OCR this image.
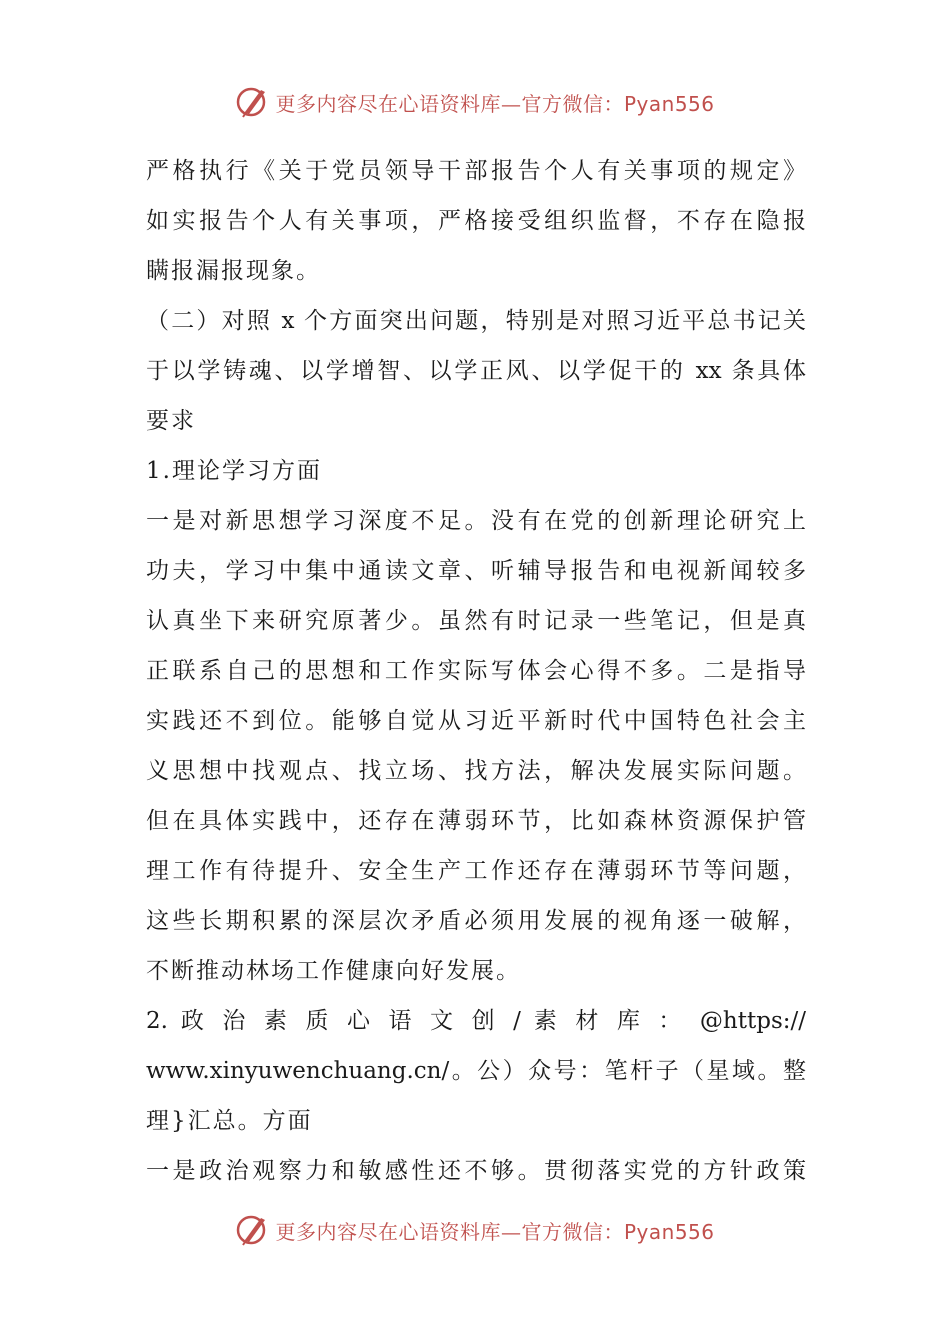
更多内容尽在心语资料库—官方微信：Pyan556
严格执行《关于党员领导干部报告个人有关事项的规定》
如实报告个人有关事项，严格接受组织监督，不存在隐报
瞒报漏报现象。
（二）对照 x 个方面突出问题，特别是对照习近平总书记关
于以学铸魂、以学增智、以学正风、以学促干的 xx 条具体
要求
1.理论学习方面
一是对新思想学习深度不足。没有在党的创新理论研究上
功夫，学习中集中通读文章、听辅导报告和电视新闻较多
认真坐下来研究原著少。虽然有时记录一些笔记，但是真
正联系自己的思想和工作实际写体会心得不多。二是指导
实践还不到位。能够自觉从习近平新时代中国特色社会主
义思想中找观点、找立场、找方法，解决发展实际问题。
但在具体实践中，还存在薄弱环节，比如森林资源保护管
理工作有待提升、安全生产工作还存在薄弱环节等问题，
这些长期积累的深层次矛盾必须用发展的视角逐一破解，
不断推动林场工作健康向好发展。
2. 政 治 素 质 心 语 文 创 / 素 材 库 ： @https://
www.xinyuwenchuang.cn/。公）众号：笔杆子（星域。整
理}汇总。方面
一是政治观察力和敏感性还不够。贯彻落实党的方针政策
更多内容尽在心语资料库—官方微信：Pyan556
